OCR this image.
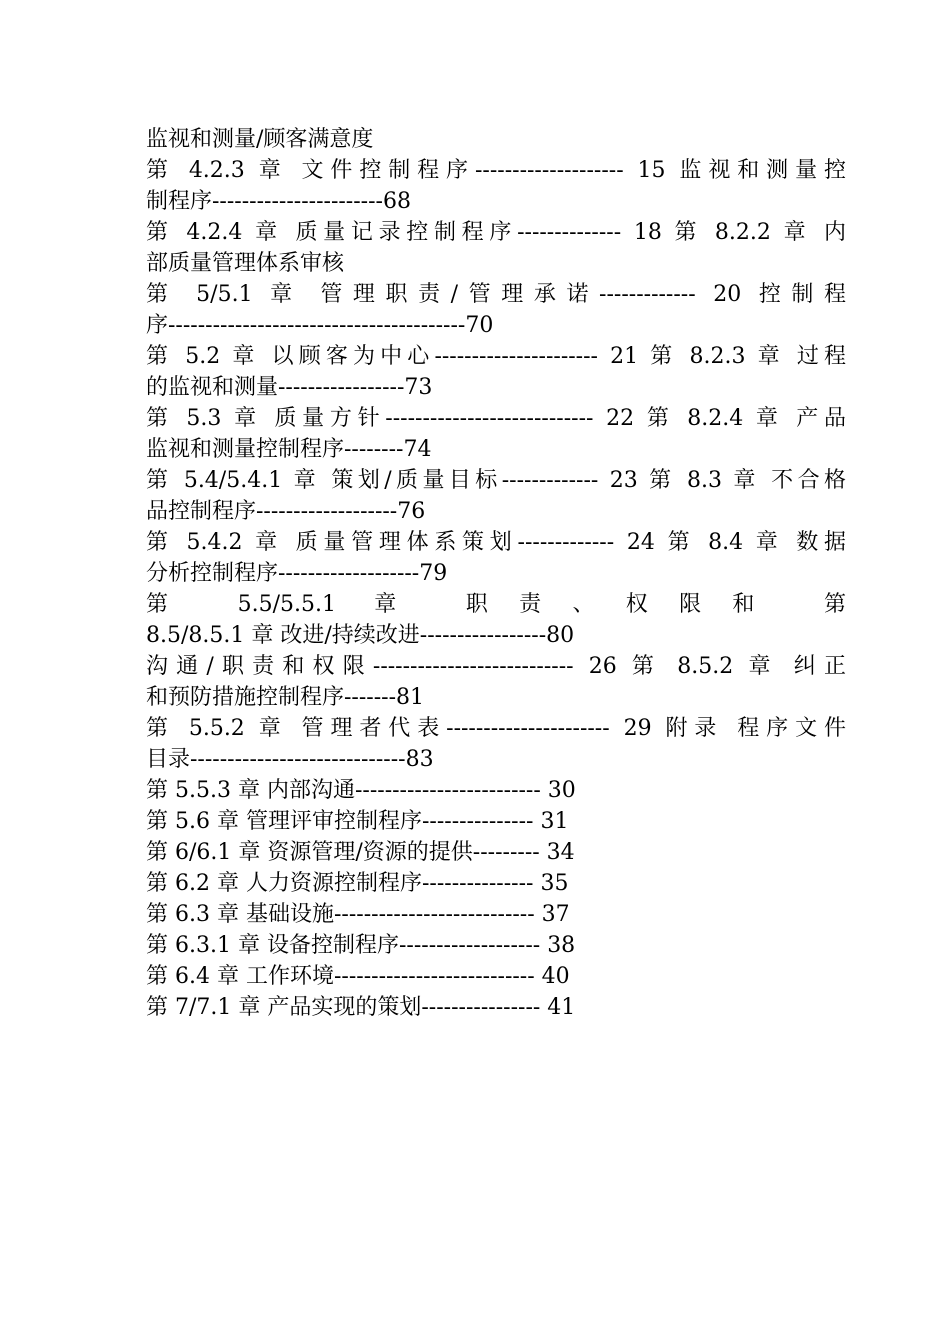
监视和测量/顾客满意度
第 4.2.3 章 文件控制程序-------------------- 15 监视和测量控
制程序-----------------------68
第 4.2.4 章 质量记录控制程序-------------- 18 第 8.2.2 章 内
部质量管理体系审核
第 5/5.1 章 管理职责/管理承诺------------- 20 控制程
序----------------------------------------70
第 5.2 章 以顾客为中心---------------------- 21 第 8.2.3 章 过程
的监视和测量-----------------73
第 5.3 章 质量方针---------------------------- 22 第 8.2.4 章 产品
监视和测量控制程序--------74
第 5.4/5.4.1 章 策划/质量目标------------- 23 第 8.3 章 不合格
品控制程序-------------------76
第 5.4.2 章 质量管理体系策划------------- 24 第 8.4 章 数据
分析控制程序-------------------79
第 5.5/5.5.1 章 职责、权限和 第
8.5/8.5.1 章 改进/持续改进-----------------80
沟通/职责和权限--------------------------- 26 第 8.5.2 章 纠正
和预防措施控制程序-------81
第 5.5.2 章 管理者代表---------------------- 29 附录 程序文件
目录-----------------------------83
第 5.5.3 章 内部沟通------------------------- 30
第 5.6 章 管理评审控制程序--------------- 31
第 6/6.1 章 资源管理/资源的提供--------- 34
第 6.2 章 人力资源控制程序--------------- 35
第 6.3 章 基础设施--------------------------- 37
第 6.3.1 章 设备控制程序------------------- 38
第 6.4 章 工作环境--------------------------- 40
第 7/7.1 章 产品实现的策划---------------- 41
